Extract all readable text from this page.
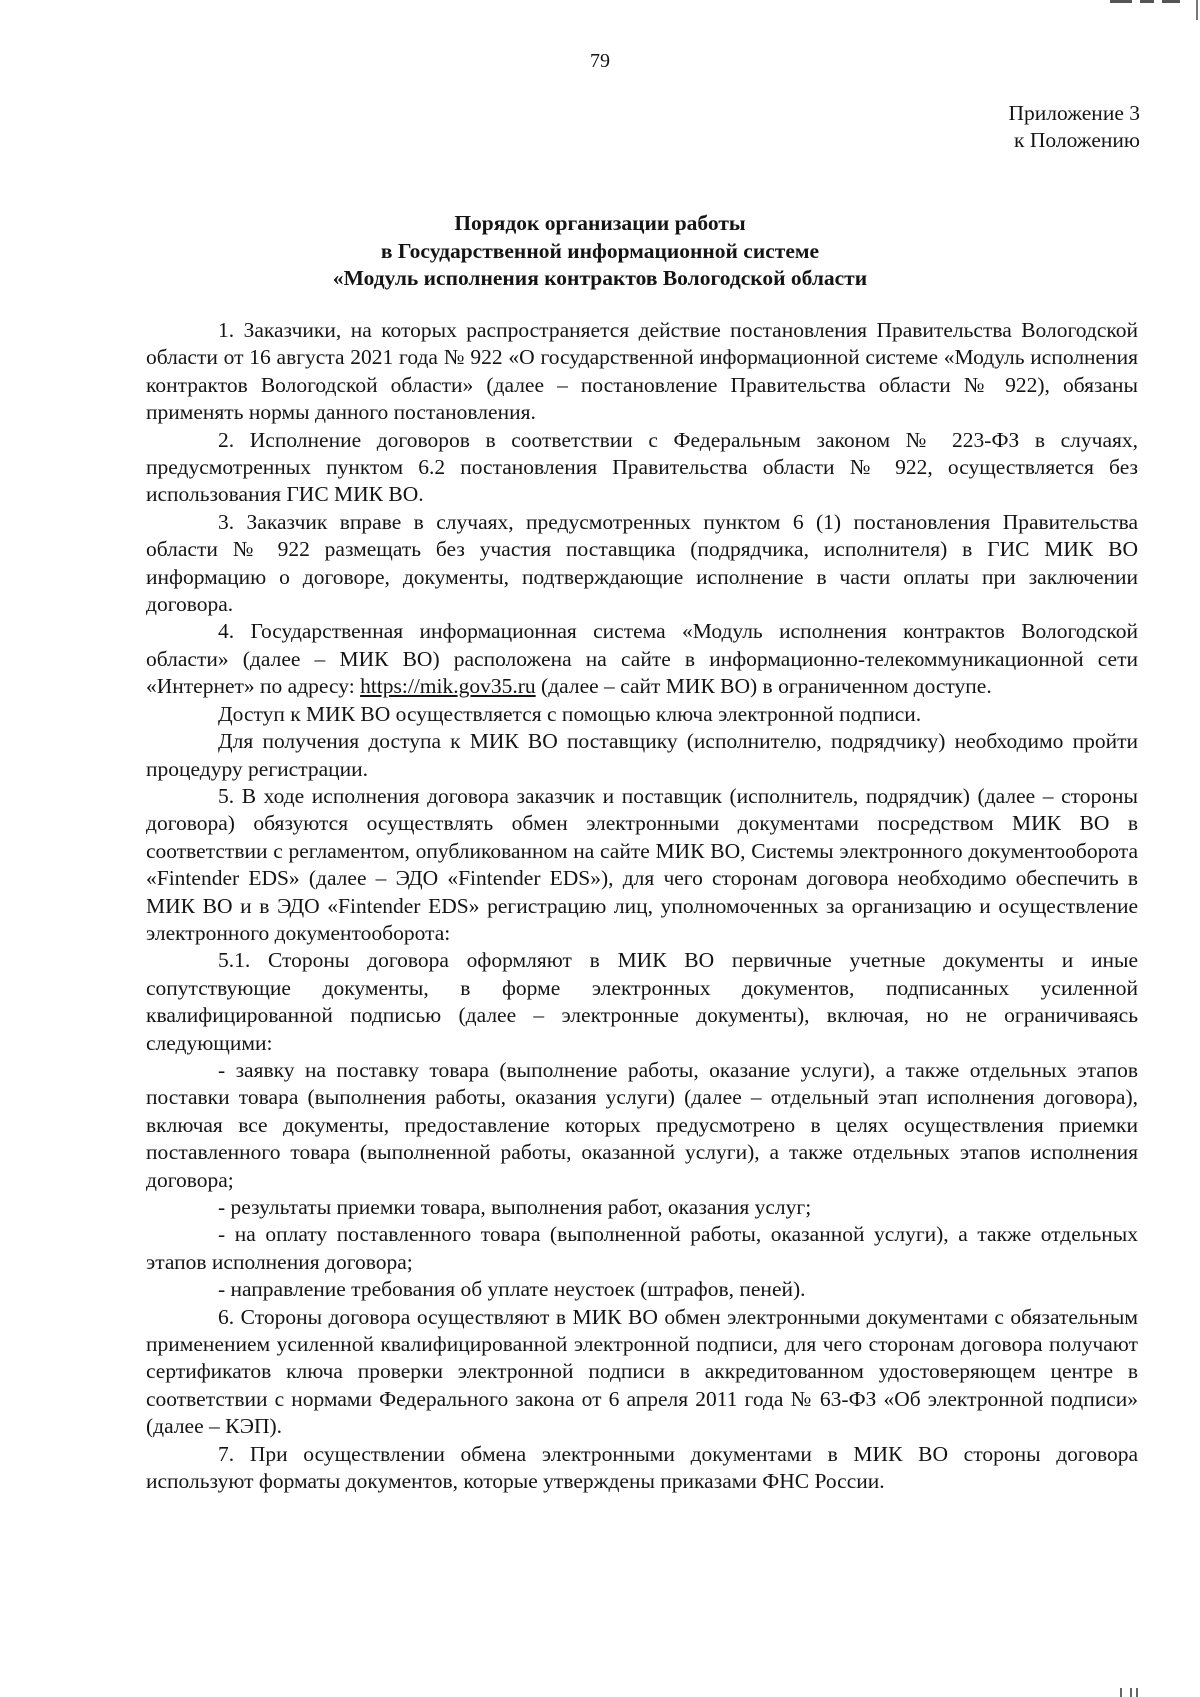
79
Приложение 3
к Положению
Порядок организации работы
в Государственной информационной системе
«Модуль исполнения контрактов Вологодской области

1. Заказчики, на которых распространяется действие постановления Правительства Вологодской области от 16 августа 2021 года № 922 «О государственной информационной системе «Модуль исполнения контрактов Вологодской области» (далее – постановление Правительства области № 922), обязаны применять нормы данного постановления.

2. Исполнение договоров в соответствии с Федеральным законом № 223-ФЗ в случаях, предусмотренных пунктом 6.2 постановления Правительства области № 922, осуществляется без использования ГИС МИК ВО.

3. Заказчик вправе в случаях, предусмотренных пунктом 6 (1) постановления Правительства области № 922 размещать без участия поставщика (подрядчика, исполнителя) в ГИС МИК ВО информацию о договоре, документы, подтверждающие исполнение в части оплаты при заключении договора.

4. Государственная информационная система «Модуль исполнения контрактов Вологодской области» (далее – МИК ВО) расположена на сайте в информационно-телекоммуникационной сети «Интернет» по адресу: https://mik.gov35.ru (далее – сайт МИК ВО) в ограниченном доступе.

Доступ к МИК ВО осуществляется с помощью ключа электронной подписи.

Для получения доступа к МИК ВО поставщику (исполнителю, подрядчику) необходимо пройти процедуру регистрации.

5. В ходе исполнения договора заказчик и поставщик (исполнитель, подрядчик) (далее – стороны договора) обязуются осуществлять обмен электронными документами посредством МИК ВО в соответствии с регламентом, опубликованном на сайте МИК ВО, Системы электронного документооборота «Fintender EDS» (далее – ЭДО «Fintender EDS»), для чего сторонам договора необходимо обеспечить в МИК ВО и в ЭДО «Fintender EDS» регистрацию лиц, уполномоченных за организацию и осуществление электронного документооборота:

5.1. Стороны договора оформляют в МИК ВО первичные учетные документы и иные сопутствующие документы, в форме электронных документов, подписанных усиленной квалифицированной подписью (далее – электронные документы), включая, но не ограничиваясь следующими:

- заявку на поставку товара (выполнение работы, оказание услуги), а также отдельных этапов поставки товара (выполнения работы, оказания услуги) (далее – отдельный этап исполнения договора), включая все документы, предоставление которых предусмотрено в целях осуществления приемки поставленного товара (выполненной работы, оказанной услуги), а также отдельных этапов исполнения договора;

- результаты приемки товара, выполнения работ, оказания услуг;

- на оплату поставленного товара (выполненной работы, оказанной услуги), а также отдельных этапов исполнения договора;

- направление требования об уплате неустоек (штрафов, пеней).

6. Стороны договора осуществляют в МИК ВО обмен электронными документами с обязательным применением усиленной квалифицированной электронной подписи, для чего сторонам договора получают сертификатов ключа проверки электронной подписи в аккредитованном удостоверяющем центре в соответствии с нормами Федерального закона от 6 апреля 2011 года № 63-ФЗ «Об электронной подписи» (далее – КЭП).

7. При осуществлении обмена электронными документами в МИК ВО стороны договора используют форматы документов, которые утверждены приказами ФНС России.
